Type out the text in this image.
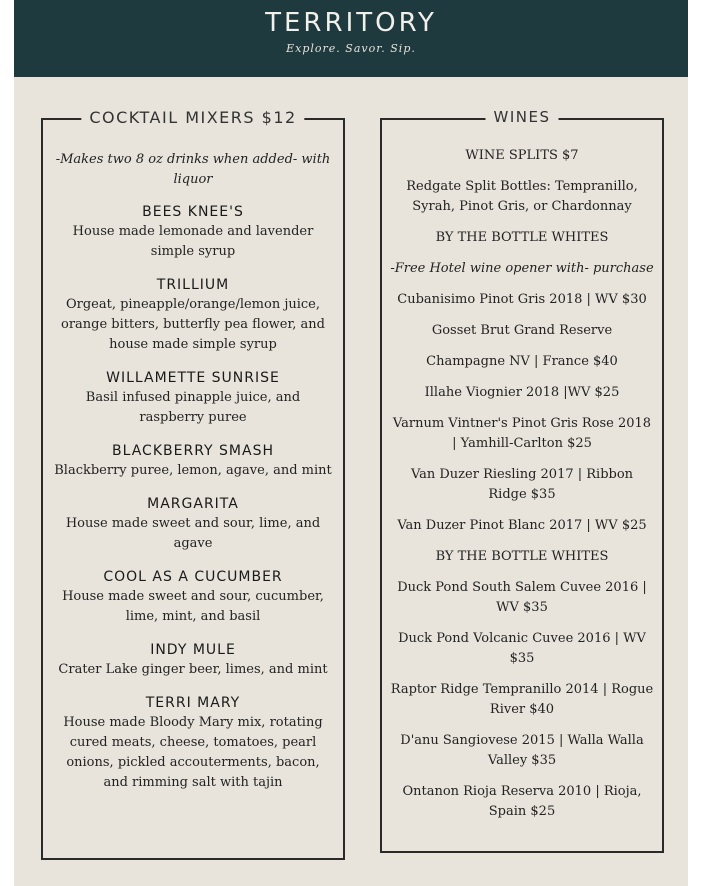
TERRITORY
Explore. Savor. Sip.
COCKTAIL MIXERS $12
-Makes two 8 oz drinks when added- with liquor
BEES KNEE'S
House made lemonade and lavender simple syrup
TRILLIUM
Orgeat, pineapple/orange/lemon juice, orange bitters, butterfly pea flower, and house made simple syrup
WILLAMETTE SUNRISE
Basil infused pinapple juice, and raspberry puree
BLACKBERRY SMASH
Blackberry puree, lemon, agave, and mint
MARGARITA
House made sweet and sour, lime, and agave
COOL AS A CUCUMBER
House made sweet and sour, cucumber, lime, mint, and basil
INDY MULE
Crater Lake ginger beer, limes, and mint
TERRI MARY
House made Bloody Mary mix, rotating cured meats, cheese, tomatoes, pearl onions, pickled accouterments, bacon, and rimming salt with tajin
WINES
WINE SPLITS $7
Redgate Split Bottles: Tempranillo, Syrah, Pinot Gris, or Chardonnay
BY THE BOTTLE WHITES
-Free Hotel wine opener with- purchase
Cubanisimo Pinot Gris 2018 | WV $30
Gosset Brut Grand Reserve
Champagne NV | France $40
Illahe Viognier 2018 |WV $25
Varnum Vintner's Pinot Gris Rose 2018 | Yamhill-Carlton $25
Van Duzer Riesling 2017 | Ribbon Ridge $35
Van Duzer Pinot Blanc 2017 | WV $25
BY THE BOTTLE WHITES
Duck Pond South Salem Cuvee 2016 | WV $35
Duck Pond Volcanic Cuvee 2016 | WV $35
Raptor Ridge Tempranillo 2014 | Rogue River $40
D'anu Sangiovese 2015 | Walla Walla Valley $35
Ontanon Rioja Reserva 2010 | Rioja, Spain $25
